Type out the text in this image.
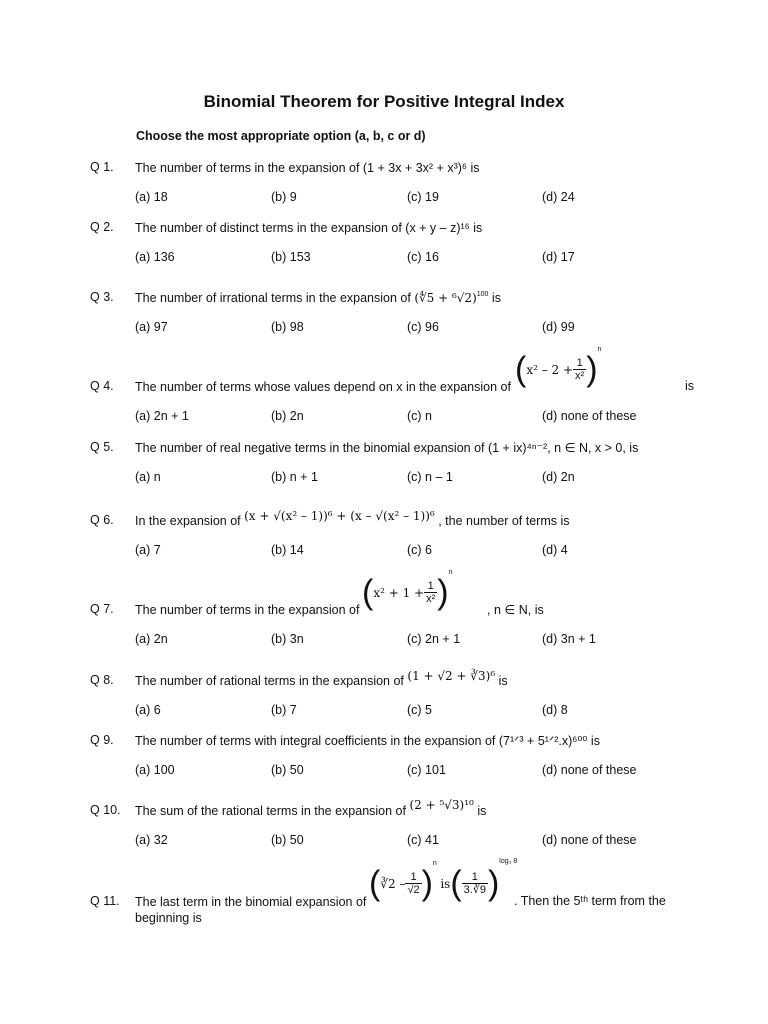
Binomial Theorem for Positive Integral Index
Choose the most appropriate option (a, b, c or d)
Q 1.	The number of terms in the expansion of (1 + 3x + 3x² + x³)⁶ is
(a) 18	(b) 9	(c) 19	(d) 24
Q 2.	The number of distinct terms in the expansion of (x + y – z)¹⁶ is
(a) 136	(b) 153	(c) 16	(d) 17
Q 3.	The number of irrational terms in the expansion of (∜5 + ⁶√2)$^{100}$ is
(a) 97	(b) 98	(c) 96	(d) 99
Q 4.	The number of terms whose values depend on x in the expansion of $(x^2 - 2 + \frac{1}{\text{x²}} )^n$
is
(a) 2n + 1	(b) 2n	(c) n	(d) none of these
Q 5.	The number of real negative terms in the binomial expansion of (1 + ix)⁴ⁿ⁻², n ∈ N, x > 0, is
(a) n	(b) n + 1	(c) n – 1	(d) 2n
Q 6.	In the expansion of (x + √(x² – 1))⁶ + (x – √(x² – 1))⁶ , the number of terms is
(a) 7	(b) 14	(c) 6	(d) 4
Q 7.	The number of terms in the expansion of $(x^2 + 1 + \frac{1}{\text{x²}} )^n$
, n ∈ N, is
(a) 2n	(b) 3n	(c) 2n + 1	(d) 3n + 1
Q 8.	The number of rational terms in the expansion of (1 + √2 + ∛3)⁶ is
(a) 6	(b) 7	(c) 5	(d) 8
Q 9.	The number of terms with integral coefficients in the expansion of (7¹ᐟ³ + 5¹ᐟ².x)⁶⁰⁰ is
(a) 100	(b) 50	(c) 101	(d) none of these
Q 10.	The sum of the rational terms in the expansion of (2 + ⁵√3)¹⁰ is
(a) 32	(b) 50	(c) 41	(d) none of these
Q 11.	The last term in the binomial expansion of (∛2 – $\frac{1}{√2} )^n$ $is( \frac{1}{3.∛9} )^{log_3 8}$
. Then the 5ᵗʰ term from the
beginning is
